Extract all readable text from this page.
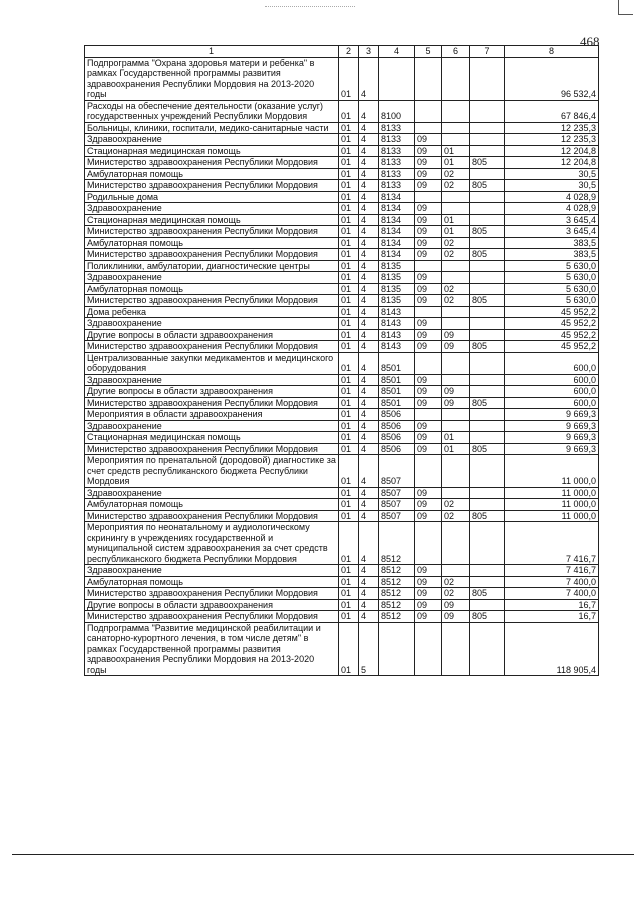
468
1	2	3	4	5	6	7	8
Подпрограмма "Охрана здоровья матери и ребенка" в рамках Государственной программы развития здравоохранения Республики Мордовия на 2013-2020 годы	01	4					96 532,4
Расходы на обеспечение деятельности (оказание услуг) государственных учреждений Республики Мордовия	01	4	8100				67 846,4
Больницы, клиники, госпитали, медико-санитарные части	01	4	8133				12 235,3
Здравоохранение	01	4	8133	09			12 235,3
Стационарная медицинская помощь	01	4	8133	09	01		12 204,8
Министерство здравоохранения Республики Мордовия	01	4	8133	09	01	805	12 204,8
Амбулаторная помощь	01	4	8133	09	02		30,5
Министерство здравоохранения Республики Мордовия	01	4	8133	09	02	805	30,5
Родильные дома	01	4	8134				4 028,9
Здравоохранение	01	4	8134	09			4 028,9
Стационарная медицинская помощь	01	4	8134	09	01		3 645,4
Министерство здравоохранения Республики Мордовия	01	4	8134	09	01	805	3 645,4
Амбулаторная помощь	01	4	8134	09	02		383,5
Министерство здравоохранения Республики Мордовия	01	4	8134	09	02	805	383,5
Поликлиники, амбулатории, диагностические центры	01	4	8135				5 630,0
Здравоохранение	01	4	8135	09			5 630,0
Амбулаторная помощь	01	4	8135	09	02		5 630,0
Министерство здравоохранения Республики Мордовия	01	4	8135	09	02	805	5 630,0
Дома ребенка	01	4	8143				45 952,2
Здравоохранение	01	4	8143	09			45 952,2
Другие вопросы в области здравоохранения	01	4	8143	09	09		45 952,2
Министерство здравоохранения Республики Мордовия	01	4	8143	09	09	805	45 952,2
Централизованные закупки медикаментов и медицинского оборудования	01	4	8501				600,0
Здравоохранение	01	4	8501	09			600,0
Другие вопросы в области здравоохранения	01	4	8501	09	09		600,0
Министерство здравоохранения Республики Мордовия	01	4	8501	09	09	805	600,0
Мероприятия в области здравоохранения	01	4	8506				9 669,3
Здравоохранение	01	4	8506	09			9 669,3
Стационарная медицинская помощь	01	4	8506	09	01		9 669,3
Министерство здравоохранения Республики Мордовия	01	4	8506	09	01	805	9 669,3
Мероприятия по пренатальной (дородовой) диагностике за счет средств республиканского бюджета Республики Мордовия	01	4	8507				11 000,0
Здравоохранение	01	4	8507	09			11 000,0
Амбулаторная помощь	01	4	8507	09	02		11 000,0
Министерство здравоохранения Республики Мордовия	01	4	8507	09	02	805	11 000,0
Мероприятия по неонатальному и аудиологическому скринингу в учреждениях государственной и муниципальной систем здравоохранения за счет средств республиканского бюджета Республики Мордовия	01	4	8512				7 416,7
Здравоохранение	01	4	8512	09			7 416,7
Амбулаторная помощь	01	4	8512	09	02		7 400,0
Министерство здравоохранения Республики Мордовия	01	4	8512	09	02	805	7 400,0
Другие вопросы в области здравоохранения	01	4	8512	09	09		16,7
Министерство здравоохранения Республики Мордовия	01	4	8512	09	09	805	16,7
Подпрограмма "Развитие медицинской реабилитации и санаторно-курортного лечения, в том числе детям" в рамках Государственной программы развития здравоохранения Республики Мордовия на 2013-2020 годы	01	5					118 905,4
